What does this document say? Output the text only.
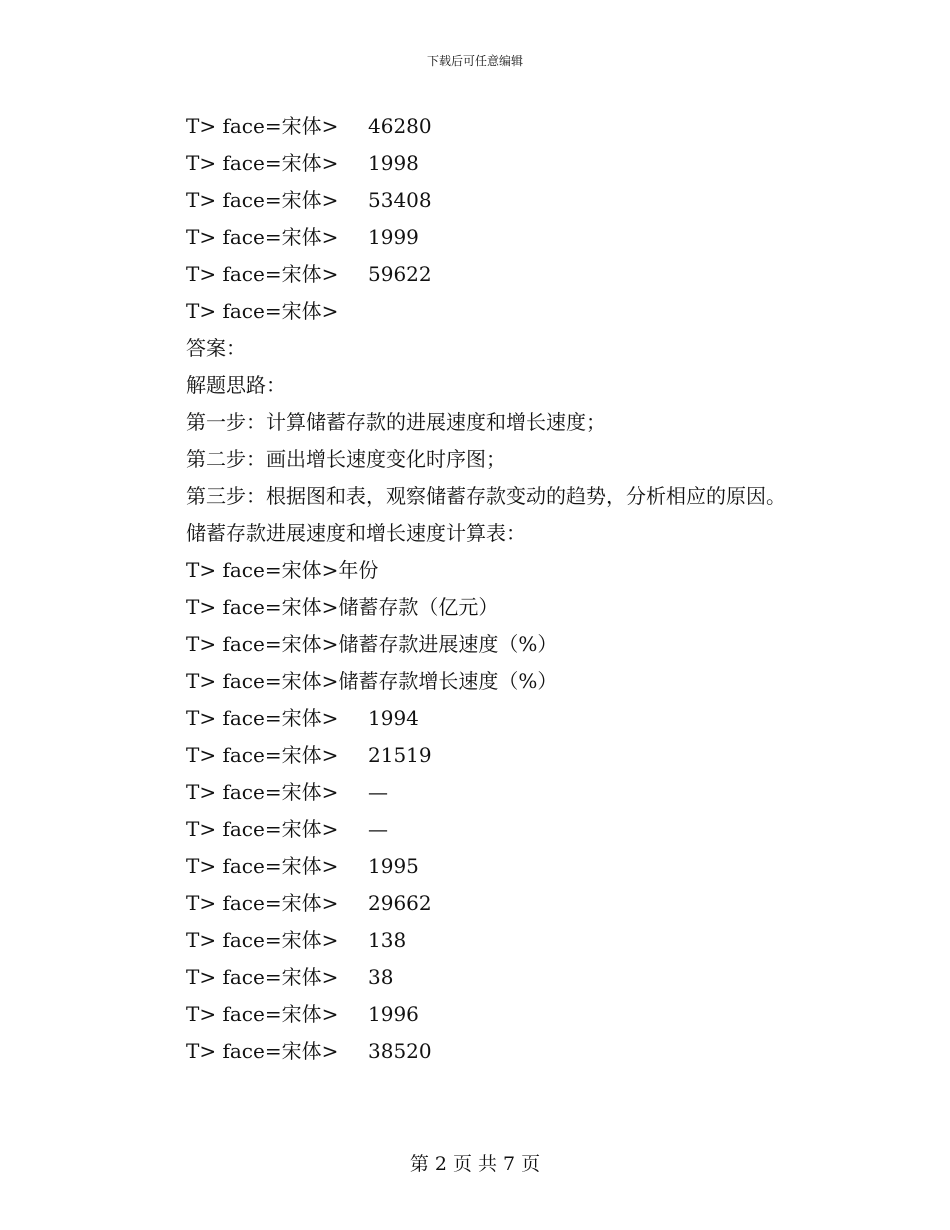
下载后可任意编辑
T> face=宋体> 46280
T> face=宋体> 1998
T> face=宋体> 53408
T> face=宋体> 1999
T> face=宋体> 59622
T> face=宋体>
答案：
解题思路：
第一步：计算储蓄存款的进展速度和增长速度；
第二步：画出增长速度变化时序图；
第三步：根据图和表，观察储蓄存款变动的趋势，分析相应的原因。
储蓄存款进展速度和增长速度计算表：
T> face=宋体>年份
T> face=宋体>储蓄存款（亿元）
T> face=宋体>储蓄存款进展速度（%）
T> face=宋体>储蓄存款增长速度（%）
T> face=宋体> 1994
T> face=宋体> 21519
T> face=宋体> —
T> face=宋体> —
T> face=宋体> 1995
T> face=宋体> 29662
T> face=宋体> 138
T> face=宋体> 38
T> face=宋体> 1996
T> face=宋体> 38520
第 2 页 共 7 页
